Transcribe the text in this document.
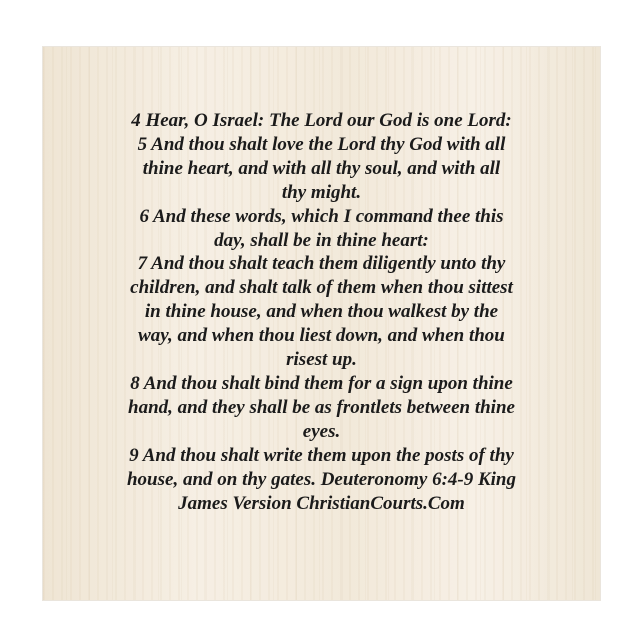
4 Hear, O Israel: The Lord our God is one Lord:
5 And thou shalt love the Lord thy God with all
thine heart, and with all thy soul, and with all
thy might.
6 And these words, which I command thee this
day, shall be in thine heart:
7 And thou shalt teach them diligently unto thy
children, and shalt talk of them when thou sittest
in thine house, and when thou walkest by the
way, and when thou liest down, and when thou
risest up.
8 And thou shalt bind them for a sign upon thine
hand, and they shall be as frontlets between thine
eyes.
9 And thou shalt write them upon the posts of thy
house, and on thy gates. Deuteronomy 6:4-9 King
James Version ChristianCourts.Com
